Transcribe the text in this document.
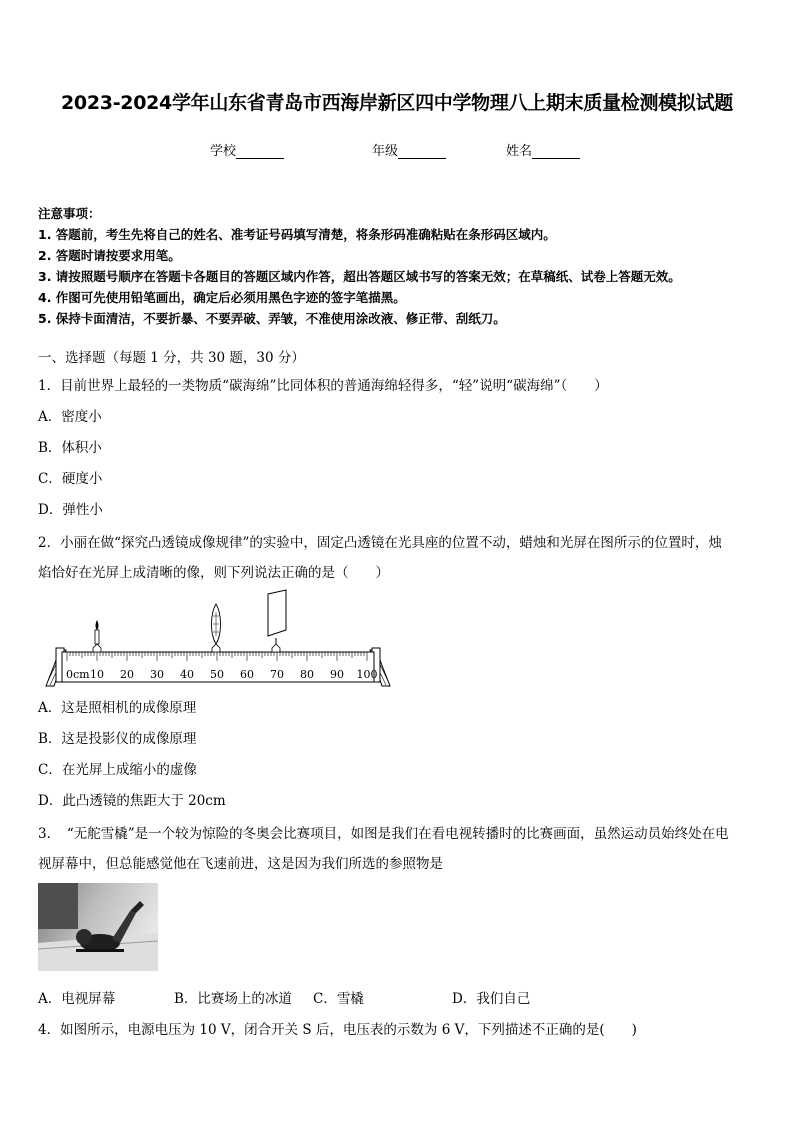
2023-2024学年山东省青岛市西海岸新区四中学物理八上期末质量检测模拟试题
学校	年级	姓名
注意事项：
1. 答题前，考生先将自己的姓名、准考证号码填写清楚，将条形码准确粘贴在条形码区域内。
2. 答题时请按要求用笔。
3. 请按照题号顺序在答题卡各题目的答题区域内作答，超出答题区域书写的答案无效；在草稿纸、试卷上答题无效。
4. 作图可先使用铅笔画出，确定后必须用黑色字迹的签字笔描黑。
5. 保持卡面清洁，不要折暴、不要弄破、弄皱，不准使用涂改液、修正带、刮纸刀。
一、选择题（每题 1 分，共 30 题，30 分）
1．目前世界上最轻的一类物质“碳海绵”比同体积的普通海绵轻得多，“轻”说明“碳海绵”（　　）
A．密度小
B．体积小
C．硬度小
D．弹性小
2．小丽在做“探究凸透镜成像规律”的实验中，固定凸透镜在光具座的位置不动，蜡烛和光屏在图所示的位置时，烛
焰恰好在光屏上成清晰的像，则下列说法正确的是（　　）
0cm 10 20 30 40 50 60 70 80 90 100
A．这是照相机的成像原理
B．这是投影仪的成像原理
C．在光屏上成缩小的虚像
D．此凸透镜的焦距大于 20cm
3．　“无舵雪橇”是一个较为惊险的冬奥会比赛项目，如图是我们在看电视转播时的比赛画面，虽然运动员始终处在电
视屏幕中，但总能感觉他在飞速前进，这是因为我们所选的参照物是
A．电视屏幕	B．比赛场上的冰道 C．雪橇	D．我们自己
4．如图所示，电源电压为 10 V，闭合开关 S 后，电压表的示数为 6 V，下列描述不正确的是(　　)
